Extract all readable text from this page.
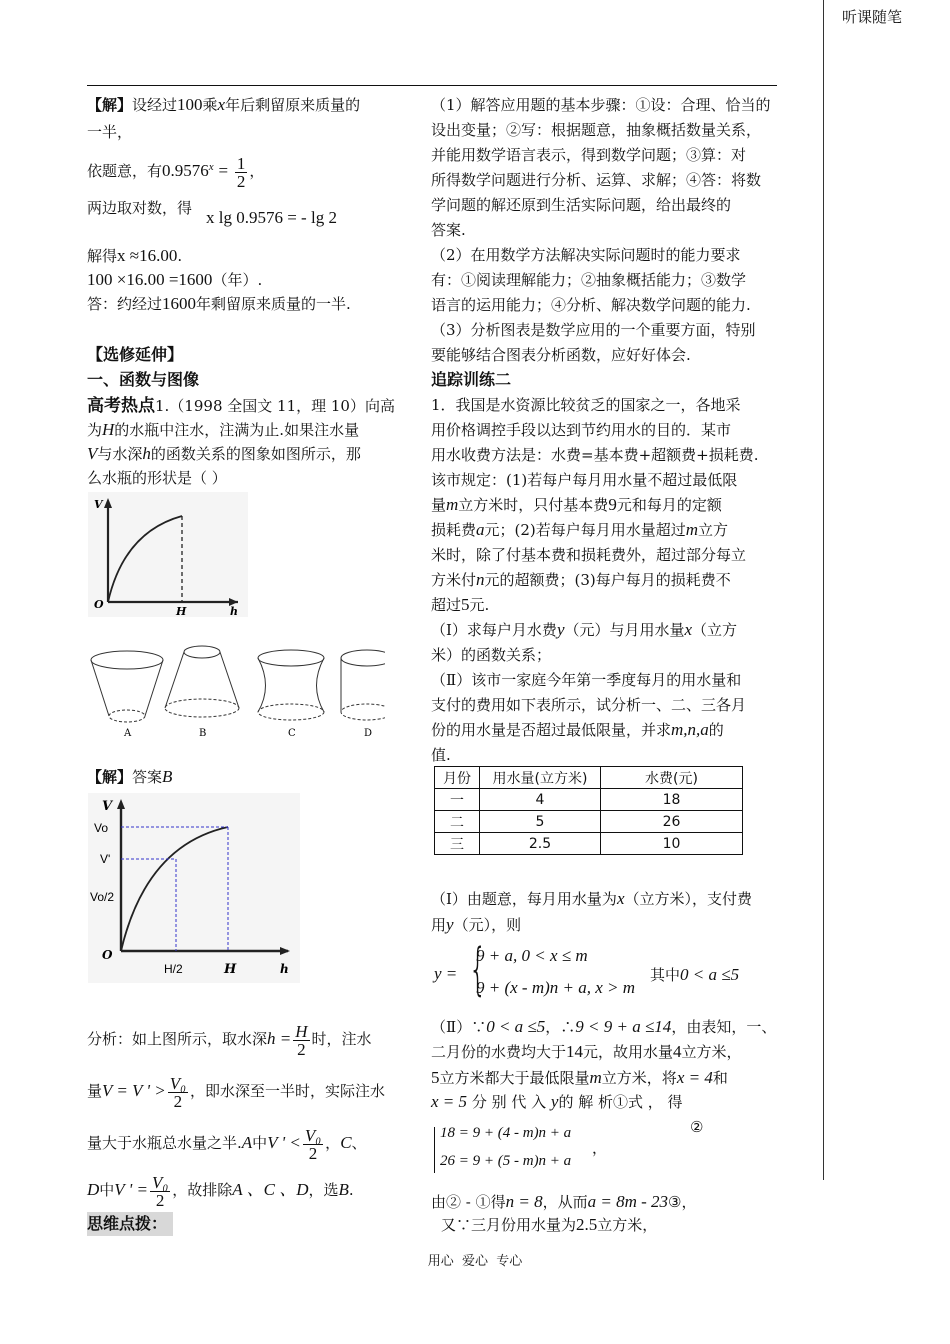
听课随笔
【解】设经过100乘x年后剩留原来质量的
一半，
依题意，有$0.9576^x = \frac{1}{2}$ ，
两边取对数，得 x lg 0.9576 = - lg 2
解得x ≈16.00.
100 ×16.00 =1600（年）.
答：约经过1600年剩留原来质量的一半.
【选修延伸】
一、函数与图像
高考热点1.（1998 全国文 11，理 10）向高
为H的水瓶中注水，注满为止.如果注水量
V与水深h的函数关系的图象如图所示，那
么水瓶的形状是（ ）
V
O
H	h
A	B	C	D
【解】答案B
V
Vo
V'
Vo/2
O
H/2	H	h
分析：如上图所示，取水深$h = \frac{H}{2}$ 时，注水
量V = V ' > $\frac{\text{V₀}}{2}$ ，即水深至一半时，实际注水
量大于水瓶总水量之半.A中V ' < $\frac{\text{V₀}}{2}$ ，C、
D中V ' = $\frac{\text{V₀}}{2}$ ，故排除A 、C 、D，选B.
思维点拨：
（1）解答应用题的基本步骤：①设：合理、恰当的
设出变量；②写：根据题意，抽象概括数量关系，
并能用数学语言表示，得到数学问题；③算：对
所得数学问题进行分析、运算、求解；④答：将数
学问题的解还原到生活实际问题，给出最终的
答案.
（2）在用数学方法解决实际问题时的能力要求
有：①阅读理解能力；②抽象概括能力；③数学
语言的运用能力；④分析、解决数学问题的能力.
（3）分析图表是数学应用的一个重要方面，特别
要能够结合图表分析函数，应好好体会.
追踪训练二
1．我国是水资源比较贫乏的国家之一，各地采
用价格调控手段以达到节约用水的目的．某市
用水收费方法是：水费=基本费+超额费+损耗费.
该市规定：(1)若每户每月用水量不超过最低限
量m立方米时，只付基本费9元和每月的定额
损耗费a元；(2)若每户每月用水量超过m立方
米时，除了付基本费和损耗费外，超过部分每立
方米付n元的超额费；(3)每户每月的损耗费不
超过5元.
（Ⅰ）求每户月水费y（元）与月用水量x（立方
米）的函数关系；
（Ⅱ）该市一家庭今年第一季度每月的用水量和
支付的费用如下表所示，试分析一、二、三各月
份的用水量是否超过最低限量，并求m,n,a的
值.
月份	用水量(立方米)	水费(元)
一	4	18
二	5	26
三	2.5	10
（Ⅰ）由题意，每月用水量为x（立方米），支付费
用y（元），则
y = {
9 + a, 0 < x ≤ m
9 + (x - m)n + a, x > m
其中0 < a ≤5
（Ⅱ）∵0 < a ≤5，∴9 < 9 + a ≤14，由表知，一、
二月份的水费均大于14元，故用水量4立方米，
5立方米都大于最低限量m立方米，将x = 4和
x = 5 分 别 代 入 y的 解 析①式 ， 得
②
18 = 9 + (4 - m)n + a
26 = 9 + (5 - m)n + a
，
由② - ①得n = 8，从而a = 8m - 23③，
又∵三月份用水量为2.5立方米，
用心  爱心  专心
